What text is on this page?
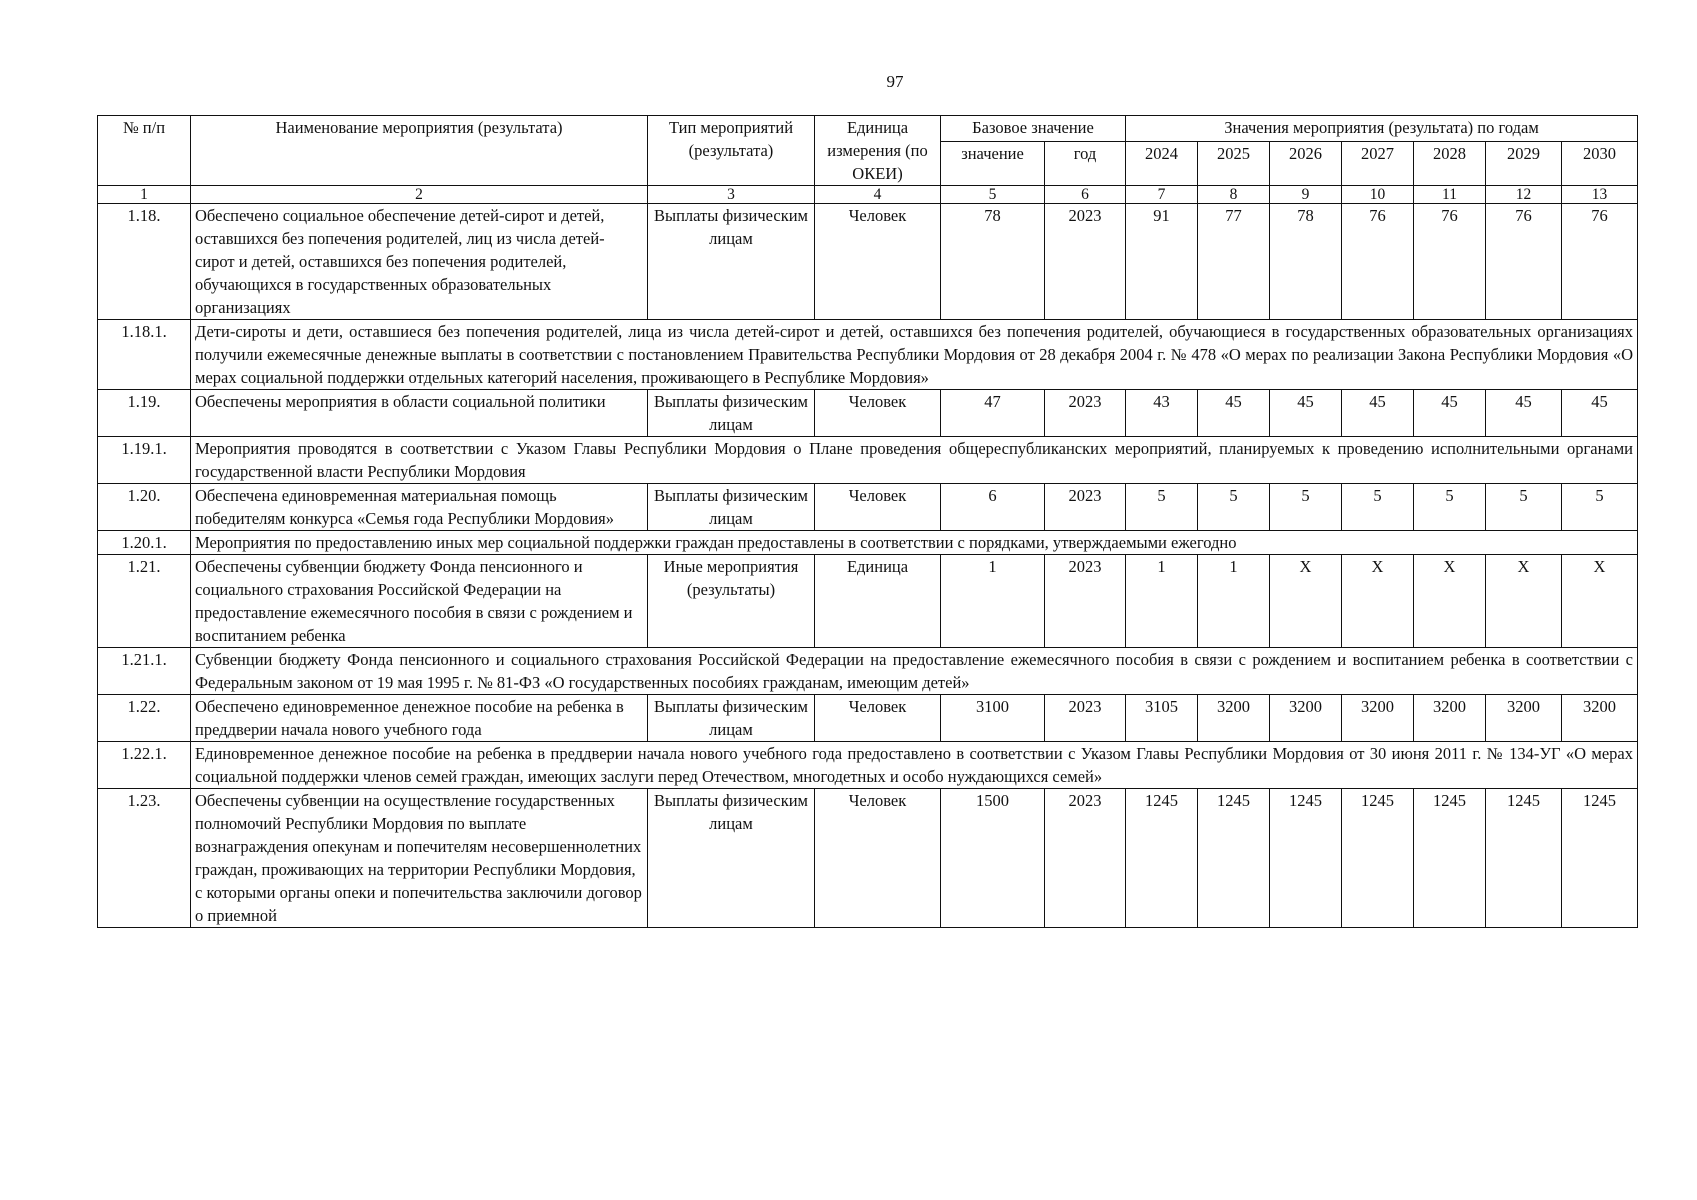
97
№ п/п	Наименование мероприятия (результата)	Тип мероприятий (результата)	Единица измерения (по ОКЕИ)	Базовое значение		Значения мероприятия (результата) по годам						
				значение	год	2024	2025	2026	2027	2028	2029	2030
1	2	3	4	5	6	7	8	9	10	11	12	13
1.18.	Обеспечено социальное обеспечение детей-сирот и детей, оставшихся без попечения родителей, лиц из числа детей-сирот и детей, оставшихся без попечения родителей, обучающихся в государственных образовательных организациях	Выплаты физическим лицам	Человек	78	2023	91	77	78	76	76	76	76
1.18.1.	Дети-сироты и дети, оставшиеся без попечения родителей, лица из числа детей-сирот и детей, оставшихся без попечения родителей, обучающиеся в государственных образовательных организациях получили ежемесячные денежные выплаты в соответствии с постановлением Правительства Республики Мордовия от 28 декабря 2004 г. № 478 «О мерах по реализации Закона Республики Мордовия «О мерах социальной поддержки отдельных категорий населения, проживающего в Республике Мордовия»											
1.19.	Обеспечены мероприятия в области социальной политики	Выплаты физическим лицам	Человек	47	2023	43	45	45	45	45	45	45
1.19.1.	Мероприятия проводятся в соответствии с Указом Главы Республики Мордовия о Плане проведения общереспубликанских мероприятий, планируемых к проведению исполнительными органами государственной власти Республики Мордовия											
1.20.	Обеспечена единовременная материальная помощь победителям конкурса «Семья года Республики Мордовия»	Выплаты физическим лицам	Человек	6	2023	5	5	5	5	5	5	5
1.20.1.	Мероприятия по предоставлению иных мер социальной поддержки граждан предоставлены в соответствии с порядками, утверждаемыми ежегодно											
1.21.	Обеспечены субвенции бюджету Фонда пенсионного и социального страхования Российской Федерации на предоставление ежемесячного пособия в связи с рождением и воспитанием ребенка	Иные мероприятия (результаты)	Единица	1	2023	1	1	Х	Х	Х	Х	Х
1.21.1.	Субвенции бюджету Фонда пенсионного и социального страхования Российской Федерации на предоставление ежемесячного пособия в связи с рождением и воспитанием ребенка в соответствии с Федеральным законом от 19 мая 1995 г. № 81-ФЗ «О государственных пособиях гражданам, имеющим детей»											
1.22.	Обеспечено единовременное денежное пособие на ребенка в преддверии начала нового учебного года	Выплаты физическим лицам	Человек	3100	2023	3105	3200	3200	3200	3200	3200	3200
1.22.1.	Единовременное денежное пособие на ребенка в преддверии начала нового учебного года предоставлено в соответствии с Указом Главы Республики Мордовия от 30 июня 2011 г. № 134-УГ «О мерах социальной поддержки членов семей граждан, имеющих заслуги перед Отечеством, многодетных и особо нуждающихся семей»											
1.23.	Обеспечены субвенции на осуществление государственных полномочий Республики Мордовия по выплате вознаграждения опекунам и попечителям несовершеннолетних граждан, проживающих на территории Республики Мордовия, с которыми органы опеки и попечительства заключили договор о приемной	Выплаты физическим лицам	Человек	1500	2023	1245	1245	1245	1245	1245	1245	1245
